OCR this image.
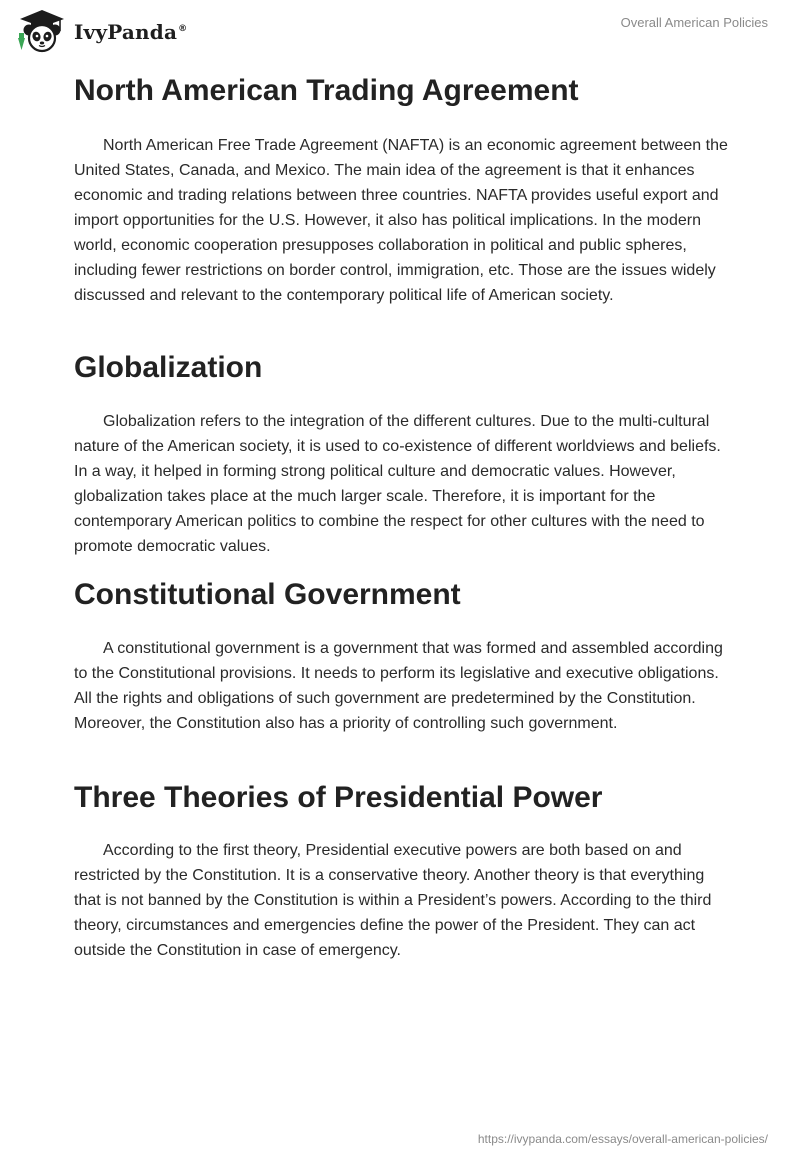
IvyPanda®	Overall American Policies
North American Trading Agreement

North American Free Trade Agreement (NAFTA) is an economic agreement between the United States, Canada, and Mexico. The main idea of the agreement is that it enhances economic and trading relations between three countries. NAFTA provides useful export and import opportunities for the U.S. However, it also has political implications. In the modern world, economic cooperation presupposes collaboration in political and public spheres, including fewer restrictions on border control, immigration, etc. Those are the issues widely discussed and relevant to the contemporary political life of American society.

Globalization

Globalization refers to the integration of the different cultures. Due to the multi-cultural nature of the American society, it is used to co-existence of different worldviews and beliefs. In a way, it helped in forming strong political culture and democratic values. However, globalization takes place at the much larger scale. Therefore, it is important for the contemporary American politics to combine the respect for other cultures with the need to promote democratic values.

Constitutional Government

A constitutional government is a government that was formed and assembled according to the Constitutional provisions. It needs to perform its legislative and executive obligations. All the rights and obligations of such government are predetermined by the Constitution. Moreover, the Constitution also has a priority of controlling such government.

Three Theories of Presidential Power

According to the first theory, Presidential executive powers are both based on and restricted by the Constitution. It is a conservative theory. Another theory is that everything that is not banned by the Constitution is within a President’s powers. According to the third theory, circumstances and emergencies define the power of the President. They can act outside the Constitution in case of emergency.

https://ivypanda.com/essays/overall-american-policies/
